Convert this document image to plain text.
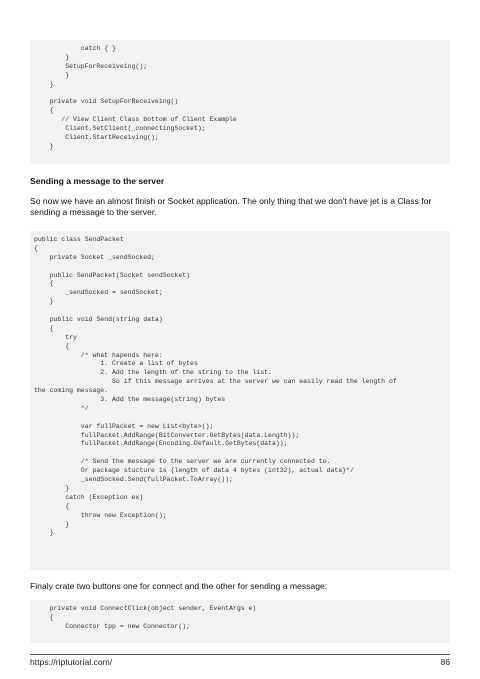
catch { }
}
SetupForReceiveing();
}
}
private void SetupForReceiveing()
{
// View Client Class bottom of Client Example
Client.SetClient(_connectingSocket);
Client.StartReceiving();
}
Sending a message to the server
So now we have an almost finish or Socket application. The only thing that we don't have jet is a Class for sending a message to the server.
public class SendPacket
{
private Socket _sendSocked;
public SendPacket(Socket sendSocket)
{
_sendSocked = sendSocket;
}
public void Send(string data)
{
try
{
/* what hapends here:
1. Create a list of bytes
2. Add the length of the string to the list.
So if this message arrives at the server we can easily read the length of
the coming message.
3. Add the message(string) bytes
*/
var fullPacket = new List<byte>();
fullPacket.AddRange(BitConverter.GetBytes(data.Length));
fullPacket.AddRange(Encoding.Default.GetBytes(data));
/* Send the message to the server we are currently connected to.
Or package stucture is {length of data 4 bytes (int32), actual data}*/
_sendSocked.Send(fullPacket.ToArray());
}
catch (Exception ex)
{
throw new Exception();
}
}
Finaly crate two buttons one for connect and the other for sending a message:
private void ConnectClick(object sender, EventArgs e)
{
Connector tpp = new Connector();
https://riptutorial.com/	86
